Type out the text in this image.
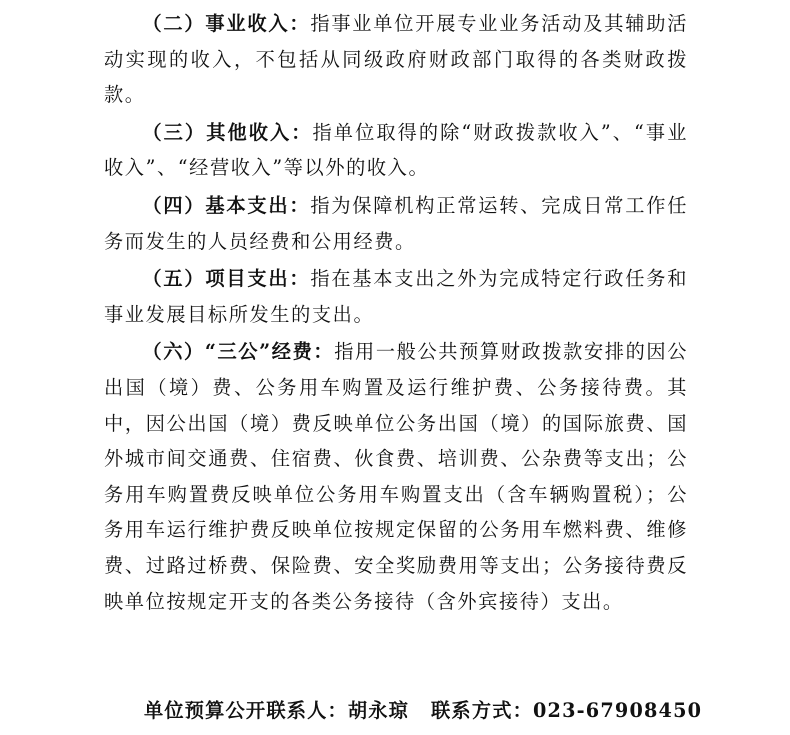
（二）事业收入：指事业单位开展专业业务活动及其辅助活动实现的收入，不包括从同级政府财政部门取得的各类财政拨款。

（三）其他收入：指单位取得的除“财政拨款收入”、“事业收入”、“经营收入”等以外的收入。

（四）基本支出：指为保障机构正常运转、完成日常工作任务而发生的人员经费和公用经费。

（五）项目支出：指在基本支出之外为完成特定行政任务和事业发展目标所发生的支出。

（六）“三公”经费：指用一般公共预算财政拨款安排的因公出国（境）费、公务用车购置及运行维护费、公务接待费。其中，因公出国（境）费反映单位公务出国（境）的国际旅费、国外城市间交通费、住宿费、伙食费、培训费、公杂费等支出；公务用车购置费反映单位公务用车购置支出（含车辆购置税）；公务用车运行维护费反映单位按规定保留的公务用车燃料费、维修费、过路过桥费、保险费、安全奖励费用等支出；公务接待费反映单位按规定开支的各类公务接待（含外宾接待）支出。

单位预算公开联系人：胡永琼 联系方式：023-67908450
